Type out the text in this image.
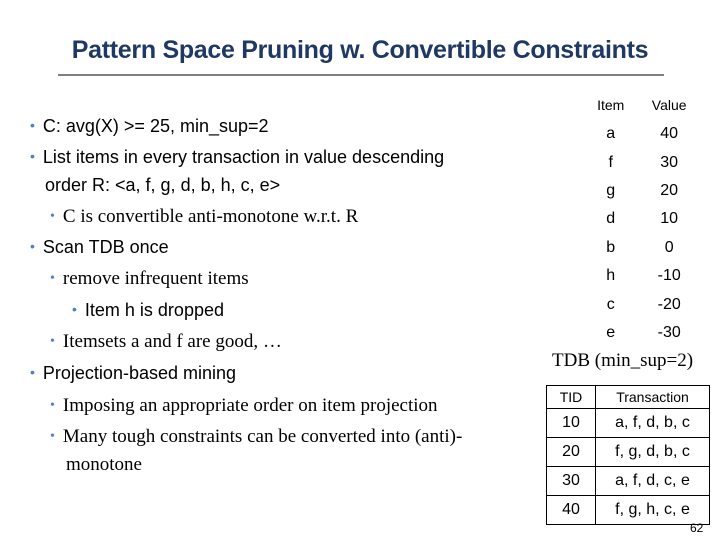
Pattern Space Pruning w. Convertible Constraints
• C: avg(X) >= 25, min_sup=2
• List items in every transaction in value descending
order R: <a, f, g, d, b, h, c, e>
• C is convertible anti-monotone w.r.t. R
• Scan TDB once
• remove infrequent items
• Item h is dropped
• Itemsets a and f are good, …
• Projection-based mining
• Imposing an appropriate order on item projection
• Many tough constraints can be converted into (anti)-
monotone
Item	Value
a	40
f	30
g	20
d	10
b	0
h	-10
c	-20
e	-30
TDB (min_sup=2)
TID	Transaction
10	a, f, d, b, c
20	f, g, d, b, c
30	a, f, d, c, e
40	f, g, h, c, e
62
